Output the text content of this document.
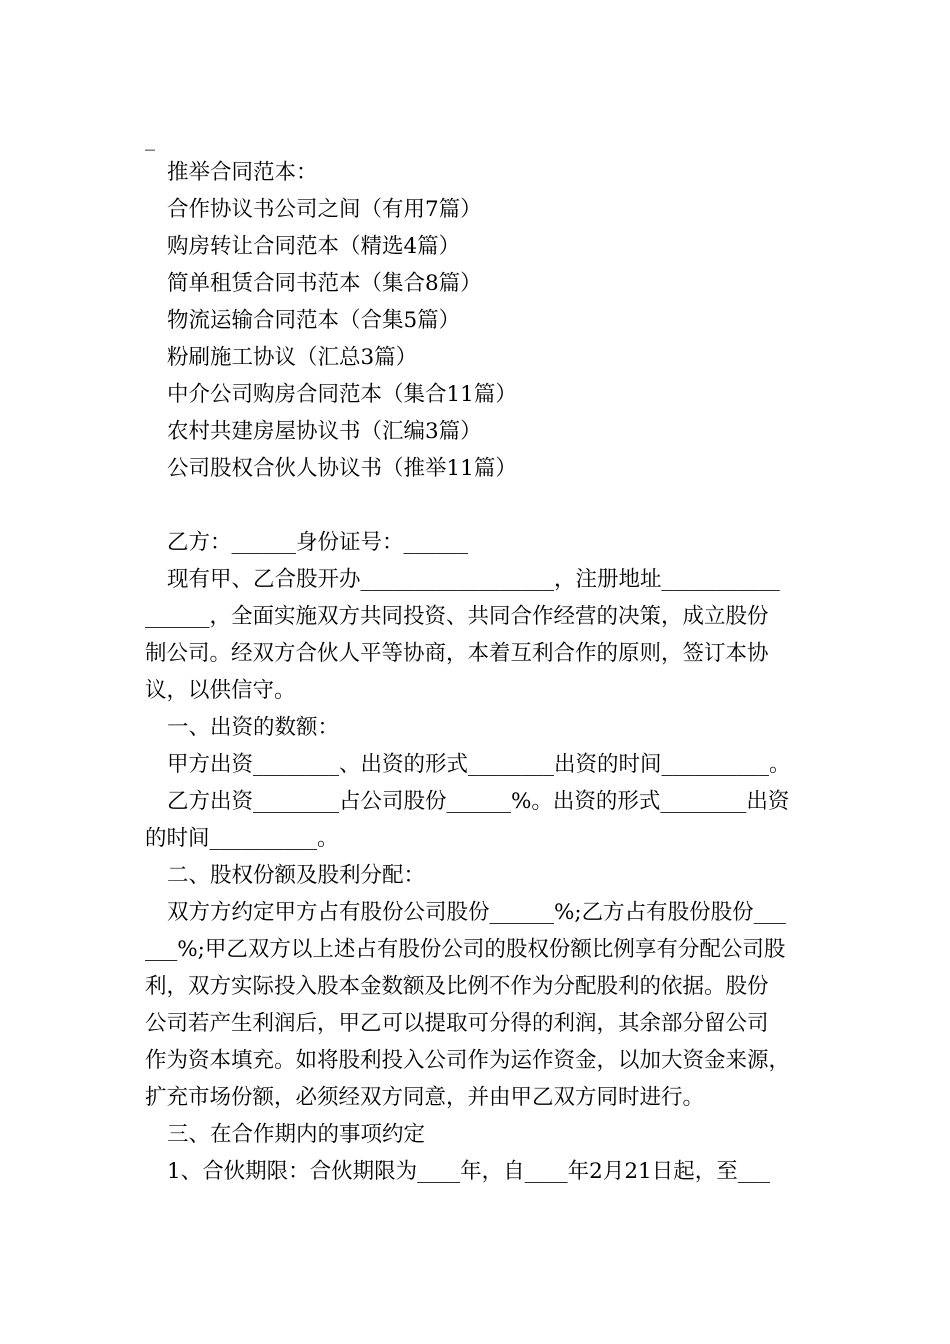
_
推举合同范本：
合作协议书公司之间（有用7篇）
购房转让合同范本（精选4篇）
简单租赁合同书范本（集合8篇）
物流运输合同范本（合集5篇）
粉刷施工协议（汇总3篇）
中介公司购房合同范本（集合11篇）
农村共建房屋协议书（汇编3篇）
公司股权合伙人协议书（推举11篇）
乙方：______身份证号：______
现有甲、乙合股开办__________________，注册地址___________
______，全面实施双方共同投资、共同合作经营的决策，成立股份
制公司。经双方合伙人平等协商，本着互利合作的原则，签订本协
议，以供信守。
一、出资的数额：
甲方出资________、出资的形式________出资的时间__________。
乙方出资________占公司股份______%。出资的形式________出资
的时间__________。
二、股权份额及股利分配：
双方方约定甲方占有股份公司股份______%;乙方占有股份股份___
___%;甲乙双方以上述占有股份公司的股权份额比例享有分配公司股
利，双方实际投入股本金数额及比例不作为分配股利的依据。股份
公司若产生利润后，甲乙可以提取可分得的利润，其余部分留公司
作为资本填充。如将股利投入公司作为运作资金，以加大资金来源，
扩充市场份额，必须经双方同意，并由甲乙双方同时进行。
三、在合作期内的事项约定
1、合伙期限：合伙期限为____年，自____年2月21日起，至___
